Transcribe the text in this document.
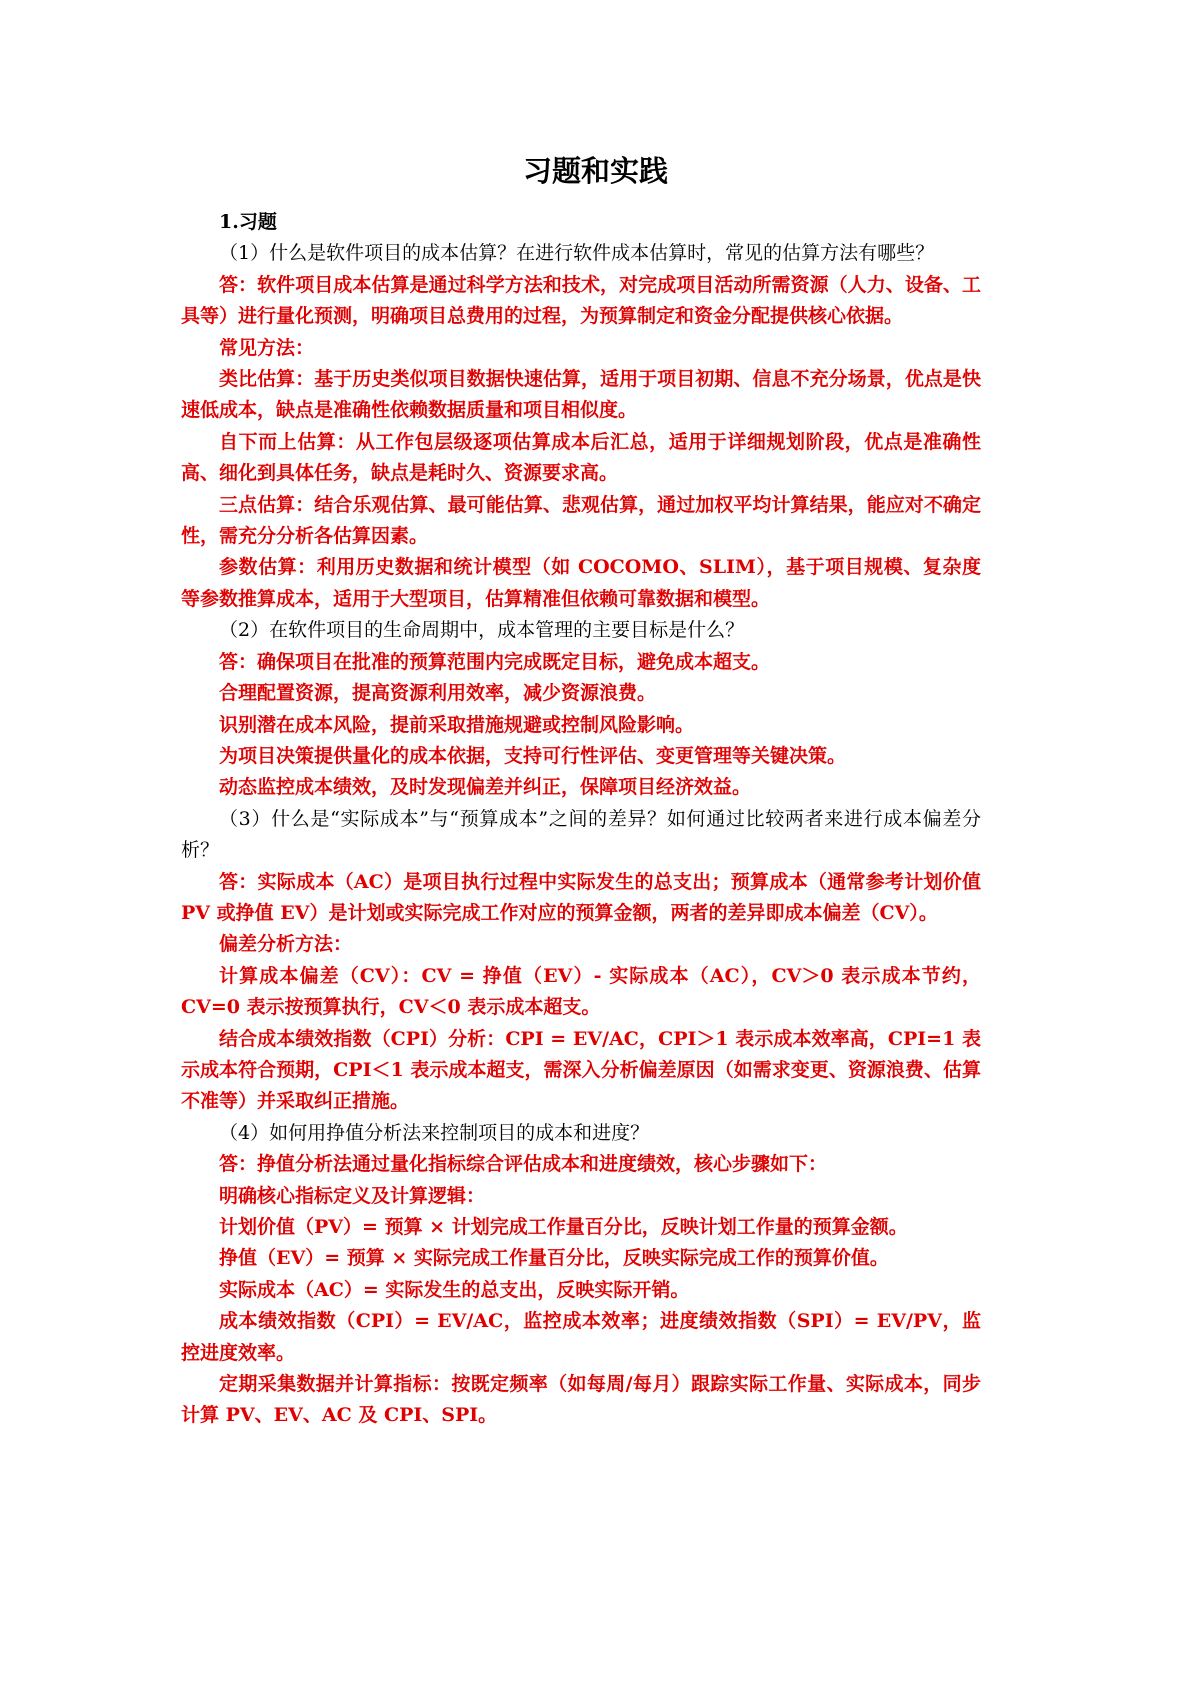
习题和实践

1.习题

（1）什么是软件项目的成本估算？在进行软件成本估算时，常见的估算方法有哪些？

答：软件项目成本估算是通过科学方法和技术，对完成项目活动所需资源（人力、设备、工具等）进行量化预测，明确项目总费用的过程，为预算制定和资金分配提供核心依据。

常见方法：

类比估算：基于历史类似项目数据快速估算，适用于项目初期、信息不充分场景，优点是快速低成本，缺点是准确性依赖数据质量和项目相似度。

自下而上估算：从工作包层级逐项估算成本后汇总，适用于详细规划阶段，优点是准确性高、细化到具体任务，缺点是耗时久、资源要求高。

三点估算：结合乐观估算、最可能估算、悲观估算，通过加权平均计算结果，能应对不确定性，需充分分析各估算因素。

参数估算：利用历史数据和统计模型（如 COCOMO、SLIM），基于项目规模、复杂度等参数推算成本，适用于大型项目，估算精准但依赖可靠数据和模型。

（2）在软件项目的生命周期中，成本管理的主要目标是什么？

答：确保项目在批准的预算范围内完成既定目标，避免成本超支。

合理配置资源，提高资源利用效率，减少资源浪费。

识别潜在成本风险，提前采取措施规避或控制风险影响。

为项目决策提供量化的成本依据，支持可行性评估、变更管理等关键决策。

动态监控成本绩效，及时发现偏差并纠正，保障项目经济效益。

（3）什么是“实际成本”与“预算成本”之间的差异？如何通过比较两者来进行成本偏差分析？

答：实际成本（AC）是项目执行过程中实际发生的总支出；预算成本（通常参考计划价值 PV 或挣值 EV）是计划或实际完成工作对应的预算金额，两者的差异即成本偏差（CV）。

偏差分析方法：

计算成本偏差（CV）：CV = 挣值（EV）- 实际成本（AC），CV＞0 表示成本节约，CV=0 表示按预算执行，CV＜0 表示成本超支。

结合成本绩效指数（CPI）分析：CPI = EV/AC，CPI＞1 表示成本效率高，CPI=1 表示成本符合预期，CPI＜1 表示成本超支，需深入分析偏差原因（如需求变更、资源浪费、估算不准等）并采取纠正措施。

（4）如何用挣值分析法来控制项目的成本和进度？

答：挣值分析法通过量化指标综合评估成本和进度绩效，核心步骤如下：

明确核心指标定义及计算逻辑：

计划价值（PV）= 预算 × 计划完成工作量百分比，反映计划工作量的预算金额。

挣值（EV）= 预算 × 实际完成工作量百分比，反映实际完成工作的预算价值。

实际成本（AC）= 实际发生的总支出，反映实际开销。

成本绩效指数（CPI）= EV/AC，监控成本效率；进度绩效指数（SPI）= EV/PV，监控进度效率。

定期采集数据并计算指标：按既定频率（如每周/每月）跟踪实际工作量、实际成本，同步计算 PV、EV、AC 及 CPI、SPI。
